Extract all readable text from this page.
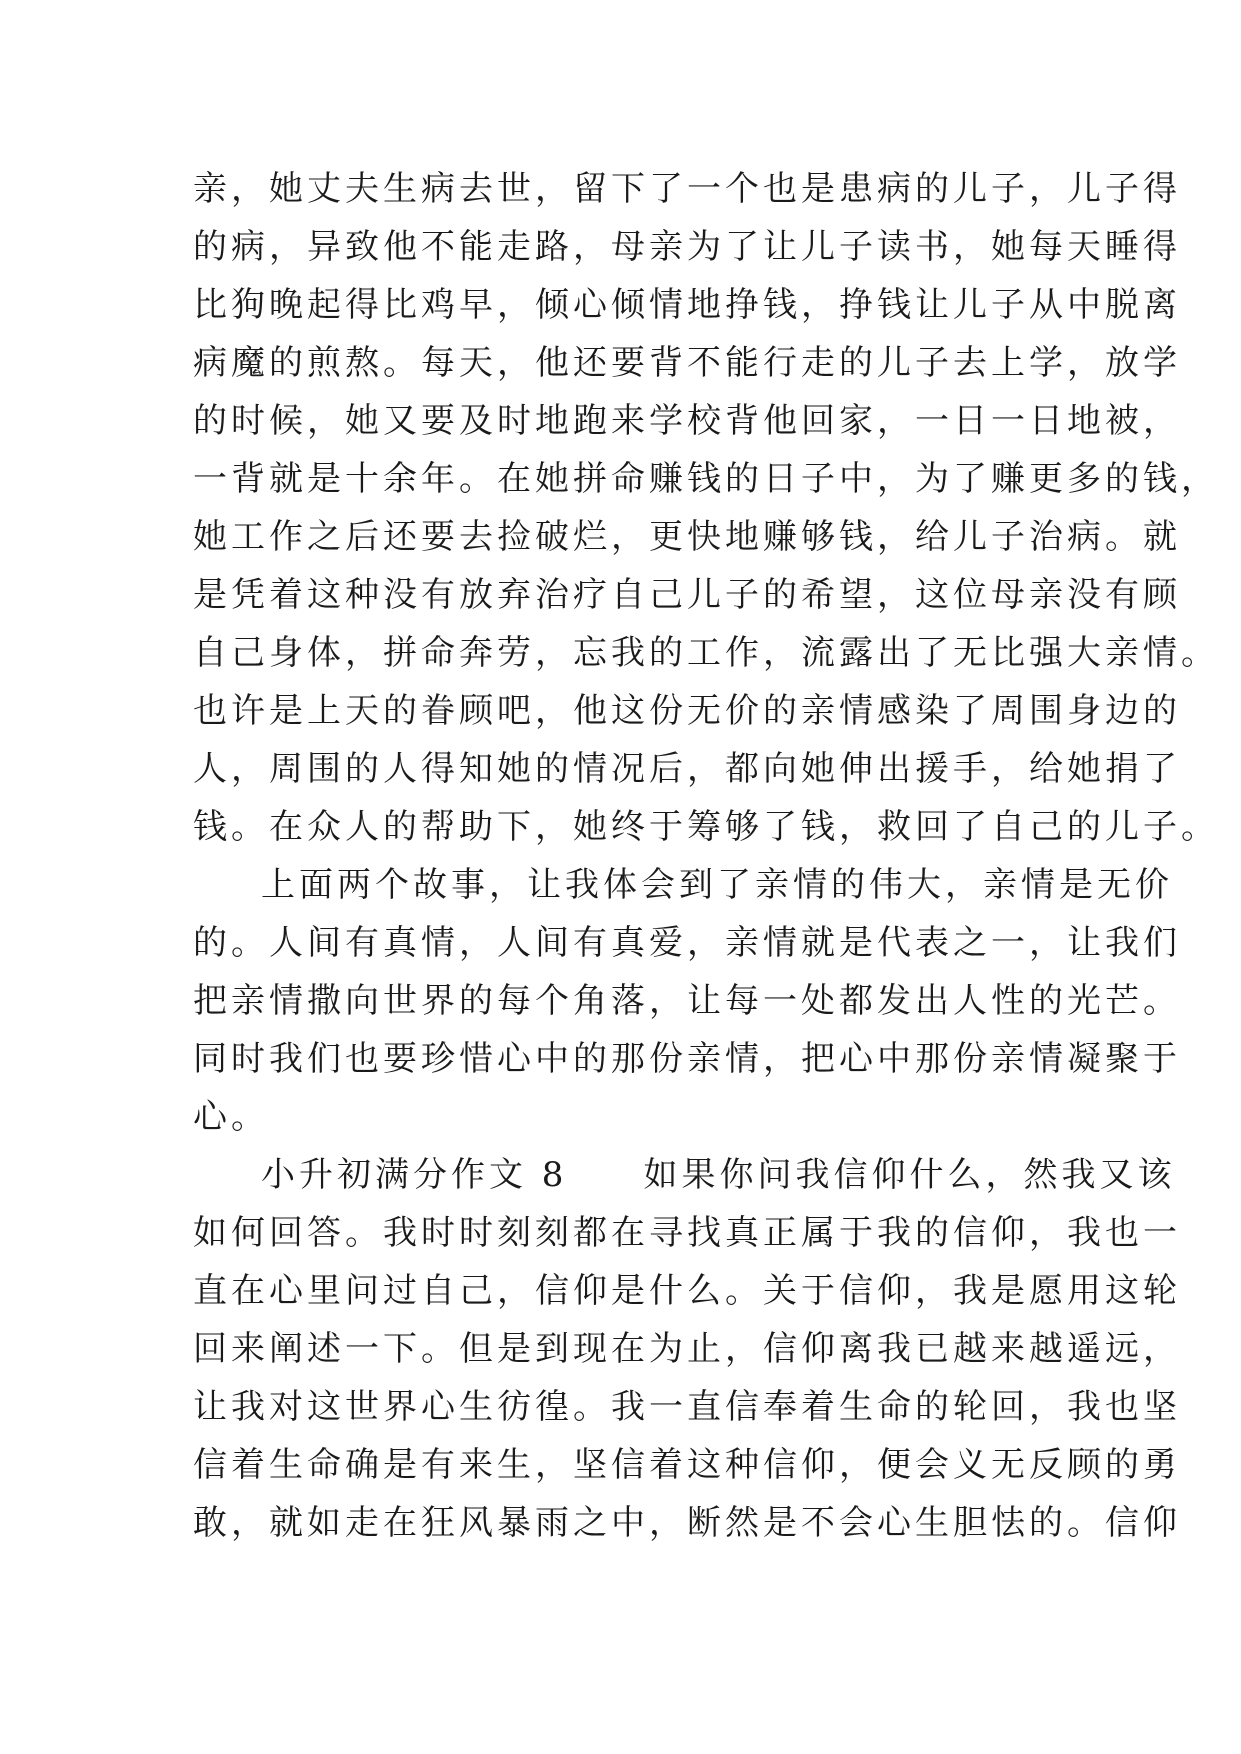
亲，她丈夫生病去世，留下了一个也是患病的儿子，儿子得
的病，异致他不能走路，母亲为了让儿子读书，她每天睡得
比狗晚起得比鸡早，倾心倾情地挣钱，挣钱让儿子从中脱离
病魔的煎熬。每天，他还要背不能行走的儿子去上学，放学
的时候，她又要及时地跑来学校背他回家，一日一日地被，
一背就是十余年。在她拼命赚钱的日子中，为了赚更多的钱，
她工作之后还要去捡破烂，更快地赚够钱，给儿子治病。就
是凭着这种没有放弃治疗自己儿子的希望，这位母亲没有顾
自己身体，拼命奔劳，忘我的工作，流露出了无比强大亲情。
也许是上天的眷顾吧，他这份无价的亲情感染了周围身边的
人，周围的人得知她的情况后，都向她伸出援手，给她捐了
钱。在众人的帮助下，她终于筹够了钱，救回了自己的儿子。
上面两个故事，让我体会到了亲情的伟大，亲情是无价
的。人间有真情，人间有真爱，亲情就是代表之一，让我们
把亲情撒向世界的每个角落，让每一处都发出人性的光芒。
同时我们也要珍惜心中的那份亲情，把心中那份亲情凝聚于
心。
小升初满分作文 8　　如果你问我信仰什么，然我又该
如何回答。我时时刻刻都在寻找真正属于我的信仰，我也一
直在心里问过自己，信仰是什么。关于信仰，我是愿用这轮
回来阐述一下。但是到现在为止，信仰离我已越来越遥远，
让我对这世界心生彷徨。我一直信奉着生命的轮回，我也坚
信着生命确是有来生，坚信着这种信仰，便会义无反顾的勇
敢，就如走在狂风暴雨之中，断然是不会心生胆怯的。信仰
